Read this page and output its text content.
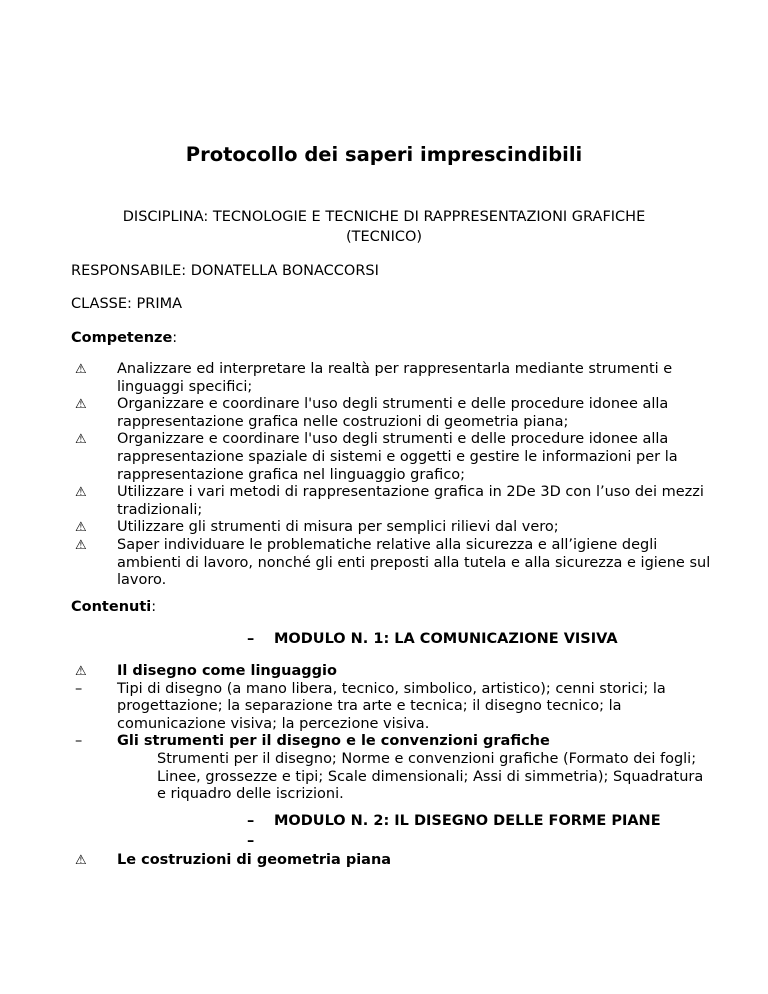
Protocollo dei saperi imprescindibili
DISCIPLINA: TECNOLOGIE E TECNICHE DI RAPPRESENTAZIONI GRAFICHE
(TECNICO)
RESPONSABILE: DONATELLA BONACCORSI
CLASSE: PRIMA
Competenze:
⚠ Analizzare ed interpretare la realtà per rappresentarla mediante strumenti e linguaggi specifici;
⚠ Organizzare e coordinare l'uso degli strumenti e delle procedure idonee alla rappresentazione grafica nelle costruzioni di geometria piana;
⚠ Organizzare e coordinare l'uso degli strumenti e delle procedure idonee alla rappresentazione spaziale di sistemi e oggetti e gestire le informazioni per la rappresentazione grafica nel linguaggio grafico;
⚠ Utilizzare i vari metodi di rappresentazione grafica in 2De 3D con l’uso dei mezzi tradizionali;
⚠ Utilizzare gli strumenti di misura per semplici rilievi dal vero;
⚠ Saper individuare le problematiche relative alla sicurezza e all’igiene degli ambienti di lavoro, nonché gli enti preposti alla tutela e alla sicurezza e igiene sul lavoro.
Contenuti:
– MODULO N. 1: LA COMUNICAZIONE VISIVA
⚠ Il disegno come linguaggio
– Tipi di disegno (a mano libera, tecnico, simbolico, artistico); cenni storici; la progettazione; la separazione tra arte e tecnica; il disegno tecnico; la comunicazione visiva; la percezione visiva.
– Gli strumenti per il disegno e le convenzioni grafiche
Strumenti per il disegno; Norme e convenzioni grafiche (Formato dei fogli; Linee, grossezze e tipi; Scale dimensionali; Assi di simmetria); Squadratura e riquadro delle iscrizioni.
– MODULO N. 2: IL DISEGNO DELLE FORME PIANE
–
⚠ Le costruzioni di geometria piana
